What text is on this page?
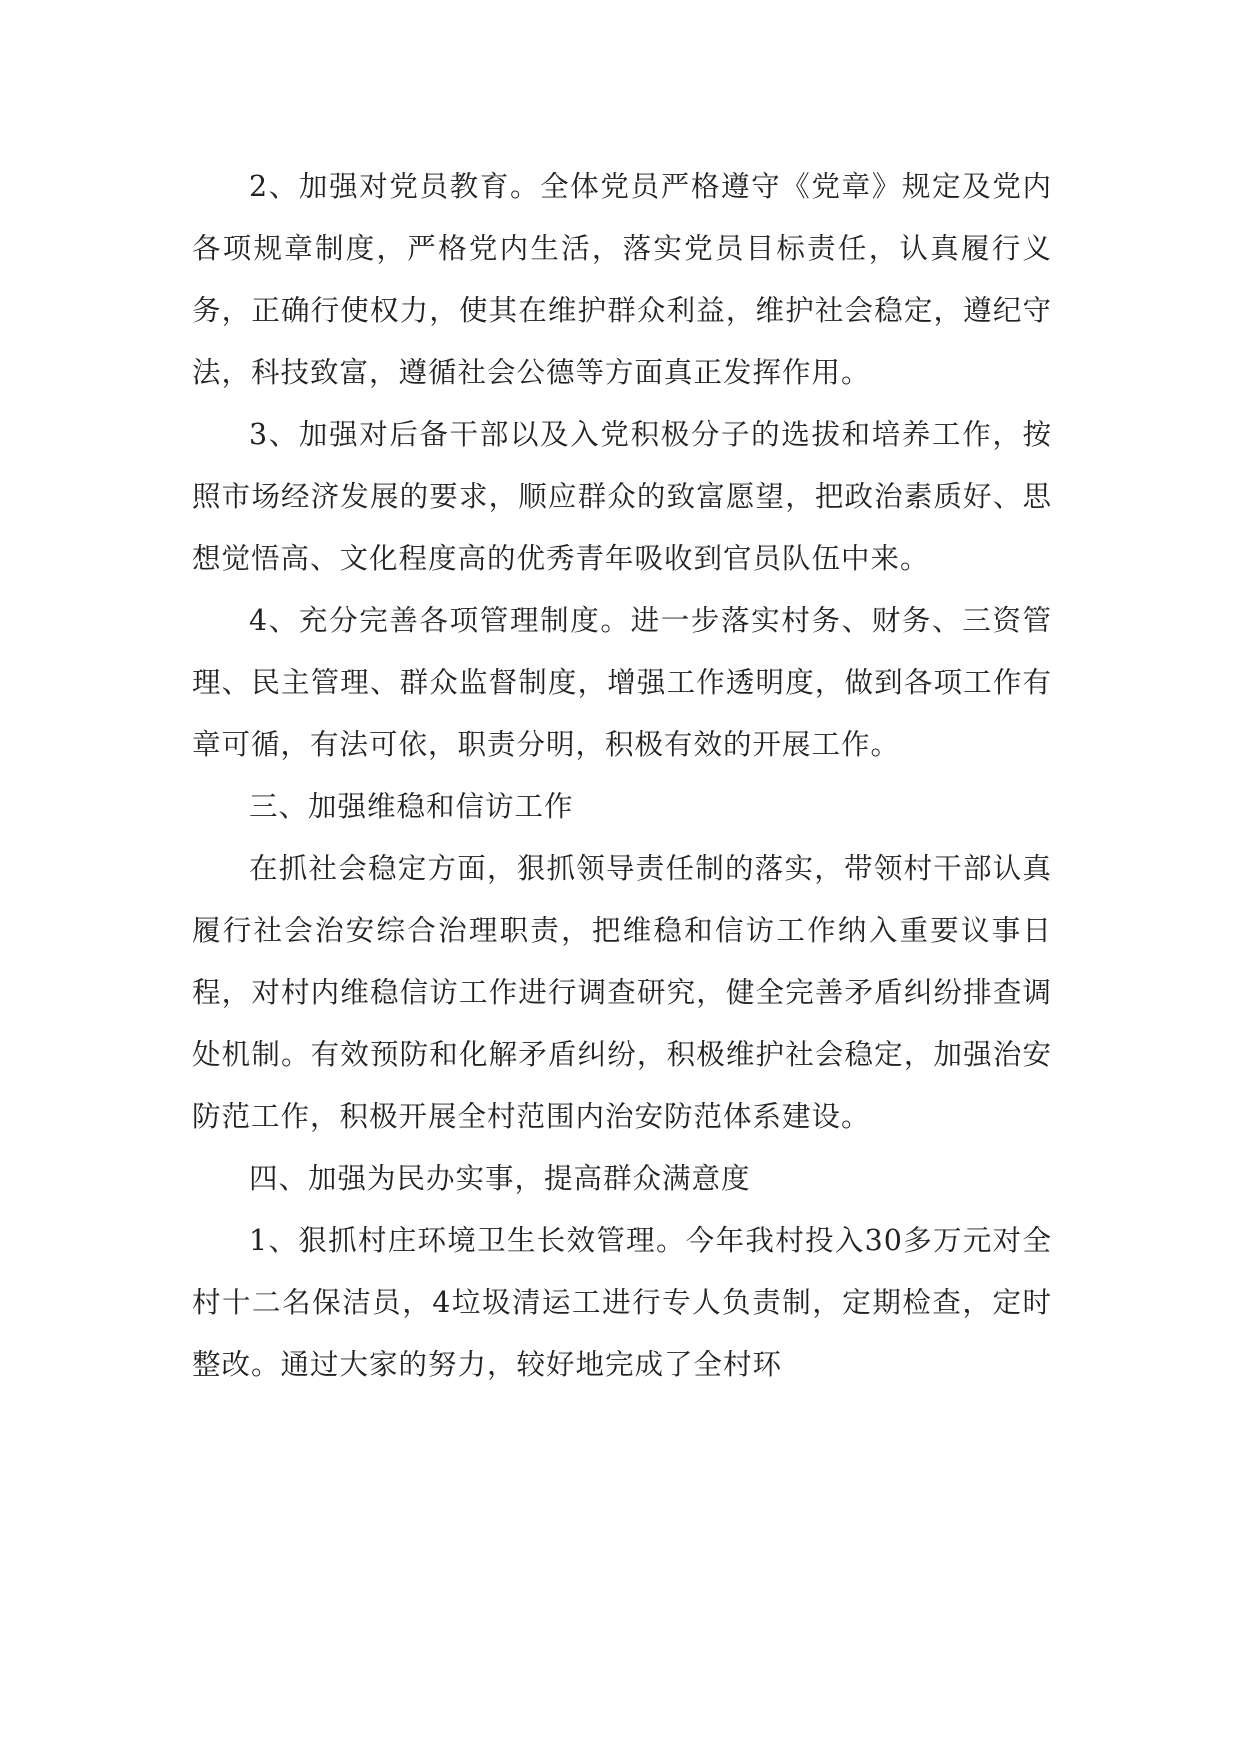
2、加强对党员教育。全体党员严格遵守《党章》规定及党内各项规章制度，严格党内生活，落实党员目标责任，认真履行义务，正确行使权力，使其在维护群众利益，维护社会稳定，遵纪守法，科技致富，遵循社会公德等方面真正发挥作用。

3、加强对后备干部以及入党积极分子的选拔和培养工作，按照市场经济发展的要求，顺应群众的致富愿望，把政治素质好、思想觉悟高、文化程度高的优秀青年吸收到官员队伍中来。

4、充分完善各项管理制度。进一步落实村务、财务、三资管理、民主管理、群众监督制度，增强工作透明度，做到各项工作有章可循，有法可依，职责分明，积极有效的开展工作。

三、加强维稳和信访工作

在抓社会稳定方面，狠抓领导责任制的落实，带领村干部认真履行社会治安综合治理职责，把维稳和信访工作纳入重要议事日程，对村内维稳信访工作进行调查研究，健全完善矛盾纠纷排查调处机制。有效预防和化解矛盾纠纷，积极维护社会稳定，加强治安防范工作，积极开展全村范围内治安防范体系建设。

四、加强为民办实事，提高群众满意度

1、狠抓村庄环境卫生长效管理。今年我村投入30多万元对全村十二名保洁员，4垃圾清运工进行专人负责制，定期检查，定时整改。通过大家的努力，较好地完成了全村环
